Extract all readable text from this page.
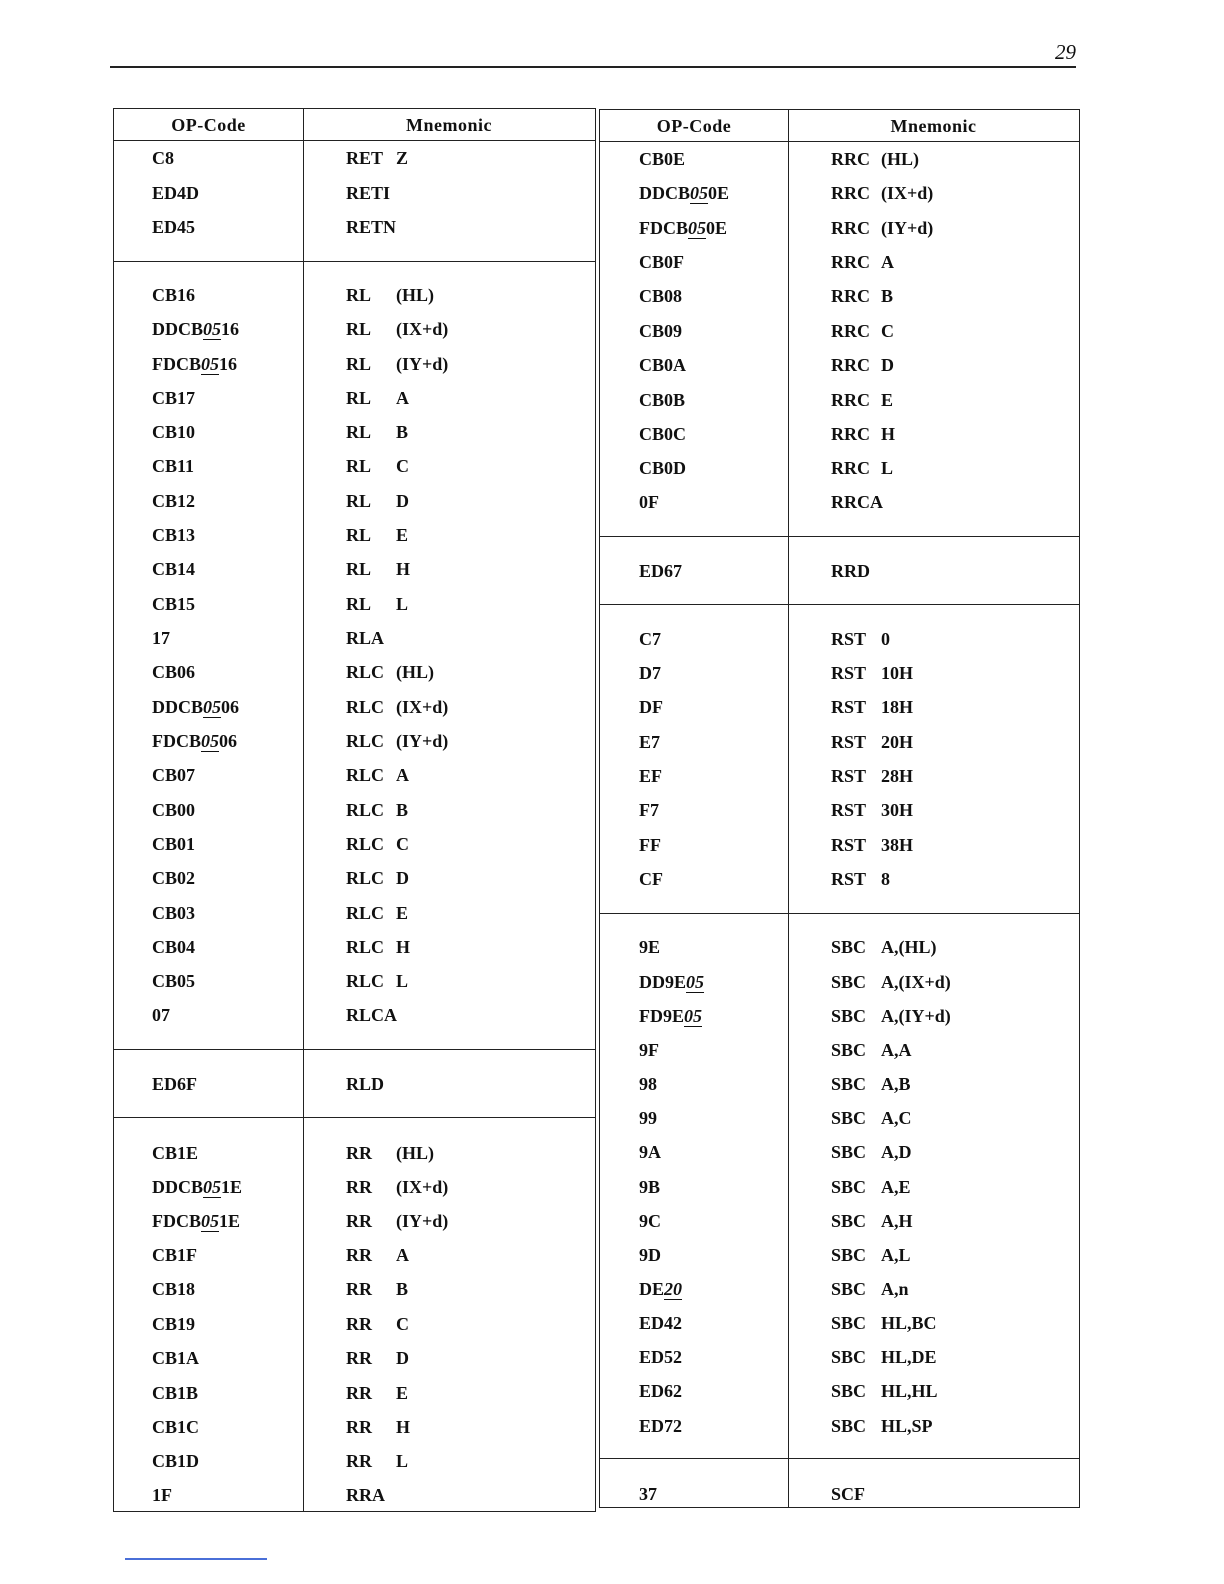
29
OP-Code	Mnemonic
C8	RET Z
ED4D	RETI
ED45	RETN
CB16	RL (HL)
DDCB0516	RL (IX+d)
FDCB0516	RL (IY+d)
CB17	RL A
CB10	RL B
CB11	RL C
CB12	RL D
CB13	RL E
CB14	RL H
CB15	RL L
17	RLA
CB06	RLC (HL)
DDCB0506	RLC (IX+d)
FDCB0506	RLC (IY+d)
CB07	RLC A
CB00	RLC B
CB01	RLC C
CB02	RLC D
CB03	RLC E
CB04	RLC H
CB05	RLC L
07	RLCA
ED6F	RLD
CB1E	RR (HL)
DDCB051E	RR (IX+d)
FDCB051E	RR (IY+d)
CB1F	RR A
CB18	RR B
CB19	RR C
CB1A	RR D
CB1B	RR E
CB1C	RR H
CB1D	RR L
1F	RRA
OP-Code	Mnemonic
CB0E	RRC (HL)
DDCB050E	RRC (IX+d)
FDCB050E	RRC (IY+d)
CB0F	RRC A
CB08	RRC B
CB09	RRC C
CB0A	RRC D
CB0B	RRC E
CB0C	RRC H
CB0D	RRC L
0F	RRCA
ED67	RRD
C7	RST 0
D7	RST 10H
DF	RST 18H
E7	RST 20H
EF	RST 28H
F7	RST 30H
FF	RST 38H
CF	RST 8
9E	SBC A,(HL)
DD9E05	SBC A,(IX+d)
FD9E05	SBC A,(IY+d)
9F	SBC A,A
98	SBC A,B
99	SBC A,C
9A	SBC A,D
9B	SBC A,E
9C	SBC A,H
9D	SBC A,L
DE20	SBC A,n
ED42	SBC HL,BC
ED52	SBC HL,DE
ED62	SBC HL,HL
ED72	SBC HL,SP
37	SCF
